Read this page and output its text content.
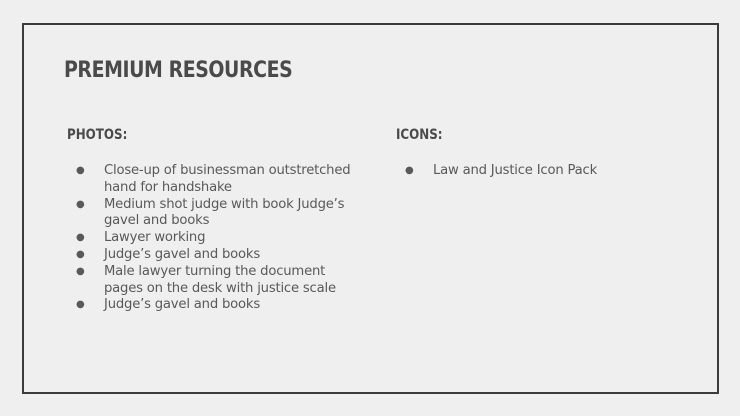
PREMIUM RESOURCES
PHOTOS:
● Close-up of businessman outstretched hand for handshake
● Medium shot judge with book Judge’s gavel and books
● Lawyer working
● Judge’s gavel and books
● Male lawyer turning the document pages on the desk with justice scale
● Judge’s gavel and books
ICONS:
● Law and Justice Icon Pack
